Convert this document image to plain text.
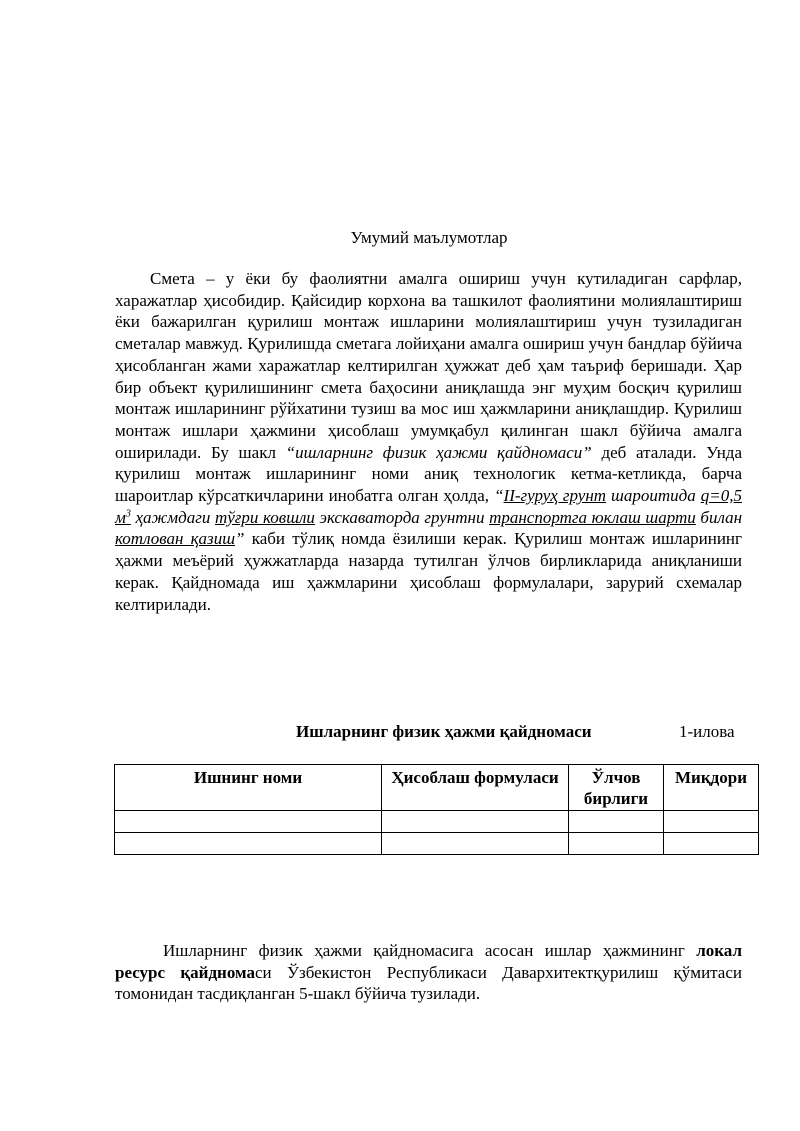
Умумий маълумотлар
Смета – у ёки бу фаолиятни амалга ошириш учун кутиладиган сарфлар, харажатлар ҳисобидир. Қайсидир корхона ва ташкилот фаолиятини молиялаштириш ёки бажарилган қурилиш монтаж ишларини молиялаштириш учун тузиладиган сметалар мавжуд. Қурилишда сметага лойиҳани амалга ошириш учун бандлар бўйича ҳисобланган жами харажатлар келтирилган ҳужжат деб ҳам таъриф беришади. Ҳар бир объект қурилишининг смета баҳосини аниқлашда энг муҳим босқич қурилиш монтаж ишларининг рўйхатини тузиш ва мос иш ҳажмларини аниқлашдир. Қурилиш монтаж ишлари ҳажмини ҳисоблаш умумқабул қилинган шакл бўйича амалга оширилади. Бу шакл “ишларнинг физик ҳажми қайдномаси” деб аталади. Унда қурилиш монтаж ишларининг номи аниқ технологик кетма-кетликда, барча шароитлар кўрсаткичларини инобатга олган ҳолда, “II-гуруҳ грунт шароитида q=0,5 $м^3$ ҳажмдаги тўғри ковшли экскаваторда грунтни транспортга юклаш шарти билан котлован қазиш” каби тўлиқ номда ёзилиши керак. Қурилиш монтаж ишларининг ҳажми меъёрий ҳужжатларда назарда тутилган ўлчов бирликларида аниқланиши керак. Қайдномада иш ҳажмларини ҳисоблаш формулалари, зарурий схемалар келтирилади.
Ишларнинг физик ҳажми қайдномаси	1-илова
Ишнинг номи	Ҳисоблаш формуласи	Ўлчов бирлиги	Миқдори

Ишларнинг физик ҳажми қайдномасига асосан ишлар ҳажмининг локал ресурс қайдномаси Ўзбекистон Республикаси Давархитектқурилиш қўмитаси томонидан тасдиқланган 5-шакл бўйича тузилади.
